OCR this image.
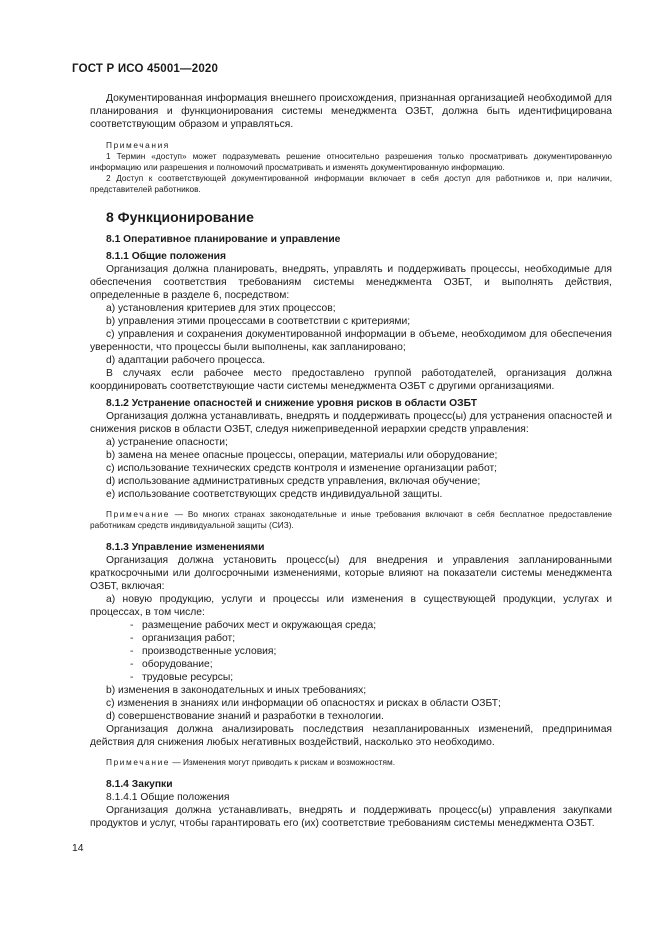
ГОСТ Р ИСО 45001—2020

Документированная информация внешнего происхождения, признанная организацией необходимой для планирования и функционирования системы менеджмента ОЗБТ, должна быть идентифицирована соответствующим образом и управляться.

Примечания

1 Термин «доступ» может подразумевать решение относительно разрешения только просматривать документированную информацию или разрешения и полномочий просматривать и изменять документированную информацию.

2 Доступ к соответствующей документированной информации включает в себя доступ для работников и, при наличии, представителей работников.

8 Функционирование

8.1 Оперативное планирование и управление

8.1.1 Общие положения

Организация должна планировать, внедрять, управлять и поддерживать процессы, необходимые для обеспечения соответствия требованиям системы менеджмента ОЗБТ, и выполнять действия, определенные в разделе 6, посредством:

a) установления критериев для этих процессов;

b) управления этими процессами в соответствии с критериями;

c) управления и сохранения документированной информации в объеме, необходимом для обеспечения уверенности, что процессы были выполнены, как запланировано;

d) адаптации рабочего процесса.

В случаях если рабочее место предоставлено группой работодателей, организация должна координировать соответствующие части системы менеджмента ОЗБТ с другими организациями.

8.1.2 Устранение опасностей и снижение уровня рисков в области ОЗБТ

Организация должна устанавливать, внедрять и поддерживать процесс(ы) для устранения опасностей и снижения рисков в области ОЗБТ, следуя нижеприведенной иерархии средств управления:

a) устранение опасности;

b) замена на менее опасные процессы, операции, материалы или оборудование;

c) использование технических средств контроля и изменение организации работ;

d) использование административных средств управления, включая обучение;

e) использование соответствующих средств индивидуальной защиты.

Примечание — Во многих странах законодательные и иные требования включают в себя бесплатное предоставление работникам средств индивидуальной защиты (СИЗ).

8.1.3 Управление изменениями

Организация должна установить процесс(ы) для внедрения и управления запланированными краткосрочными или долгосрочными изменениями, которые влияют на показатели системы менеджмента ОЗБТ, включая:

a) новую продукцию, услуги и процессы или изменения в существующей продукции, услугах и процессах, в том числе:

- размещение рабочих мест и окружающая среда;

- организация работ;

- производственные условия;

- оборудование;

- трудовые ресурсы;

b) изменения в законодательных и иных требованиях;

c) изменения в знаниях или информации об опасностях и рисках в области ОЗБТ;

d) совершенствование знаний и разработки в технологии.

Организация должна анализировать последствия незапланированных изменений, предпринимая действия для снижения любых негативных воздействий, насколько это необходимо.

Примечание — Изменения могут приводить к рискам и возможностям.

8.1.4 Закупки

8.1.4.1 Общие положения

Организация должна устанавливать, внедрять и поддерживать процесс(ы) управления закупками продуктов и услуг, чтобы гарантировать его (их) соответствие требованиям системы менеджмента ОЗБТ.

14
